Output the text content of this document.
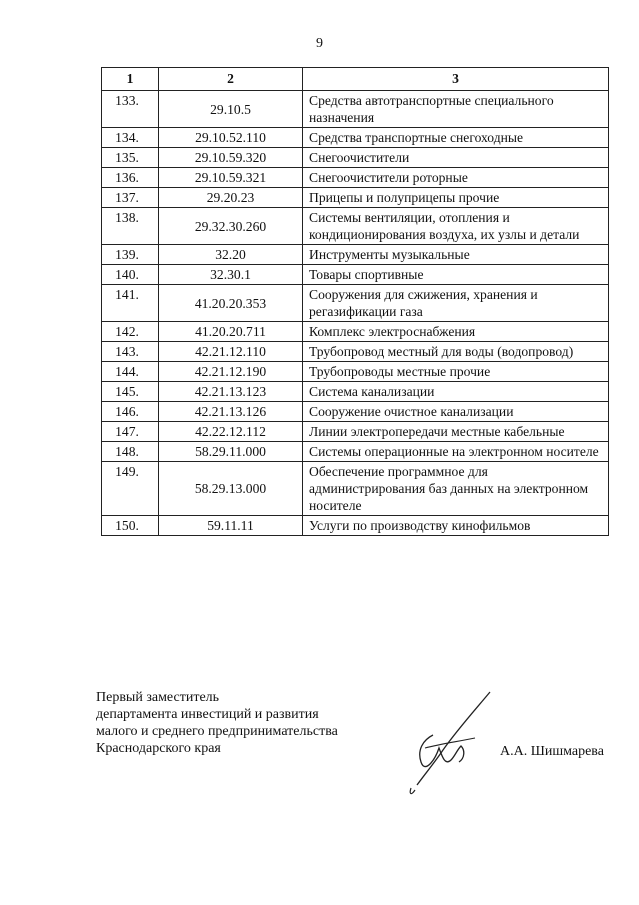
9
1	2	3
133.	29.10.5	Средства автотранспортные специального назначения
134.	29.10.52.110	Средства транспортные снегоходные
135.	29.10.59.320	Снегоочистители
136.	29.10.59.321	Снегоочистители роторные
137.	29.20.23	Прицепы и полуприцепы прочие
138.	29.32.30.260	Системы вентиляции, отопления и кондиционирования воздуха, их узлы и детали
139.	32.20	Инструменты музыкальные
140.	32.30.1	Товары спортивные
141.	41.20.20.353	Сооружения для сжижения, хранения и регазификации газа
142.	41.20.20.711	Комплекс электроснабжения
143.	42.21.12.110	Трубопровод местный для воды (водопровод)
144.	42.21.12.190	Трубопроводы местные прочие
145.	42.21.13.123	Система канализации
146.	42.21.13.126	Сооружение очистное канализации
147.	42.22.12.112	Линии электропередачи местные кабельные
148.	58.29.11.000	Системы операционные на электронном носителе
149.	58.29.13.000	Обеспечение программное для администрирования баз данных на электронном носителе
150.	59.11.11	Услуги по производству кинофильмов
Первый заместитель
департамента инвестиций и развития
малого и среднего предпринимательства
Краснодарского края	А.А. Шишмарева
